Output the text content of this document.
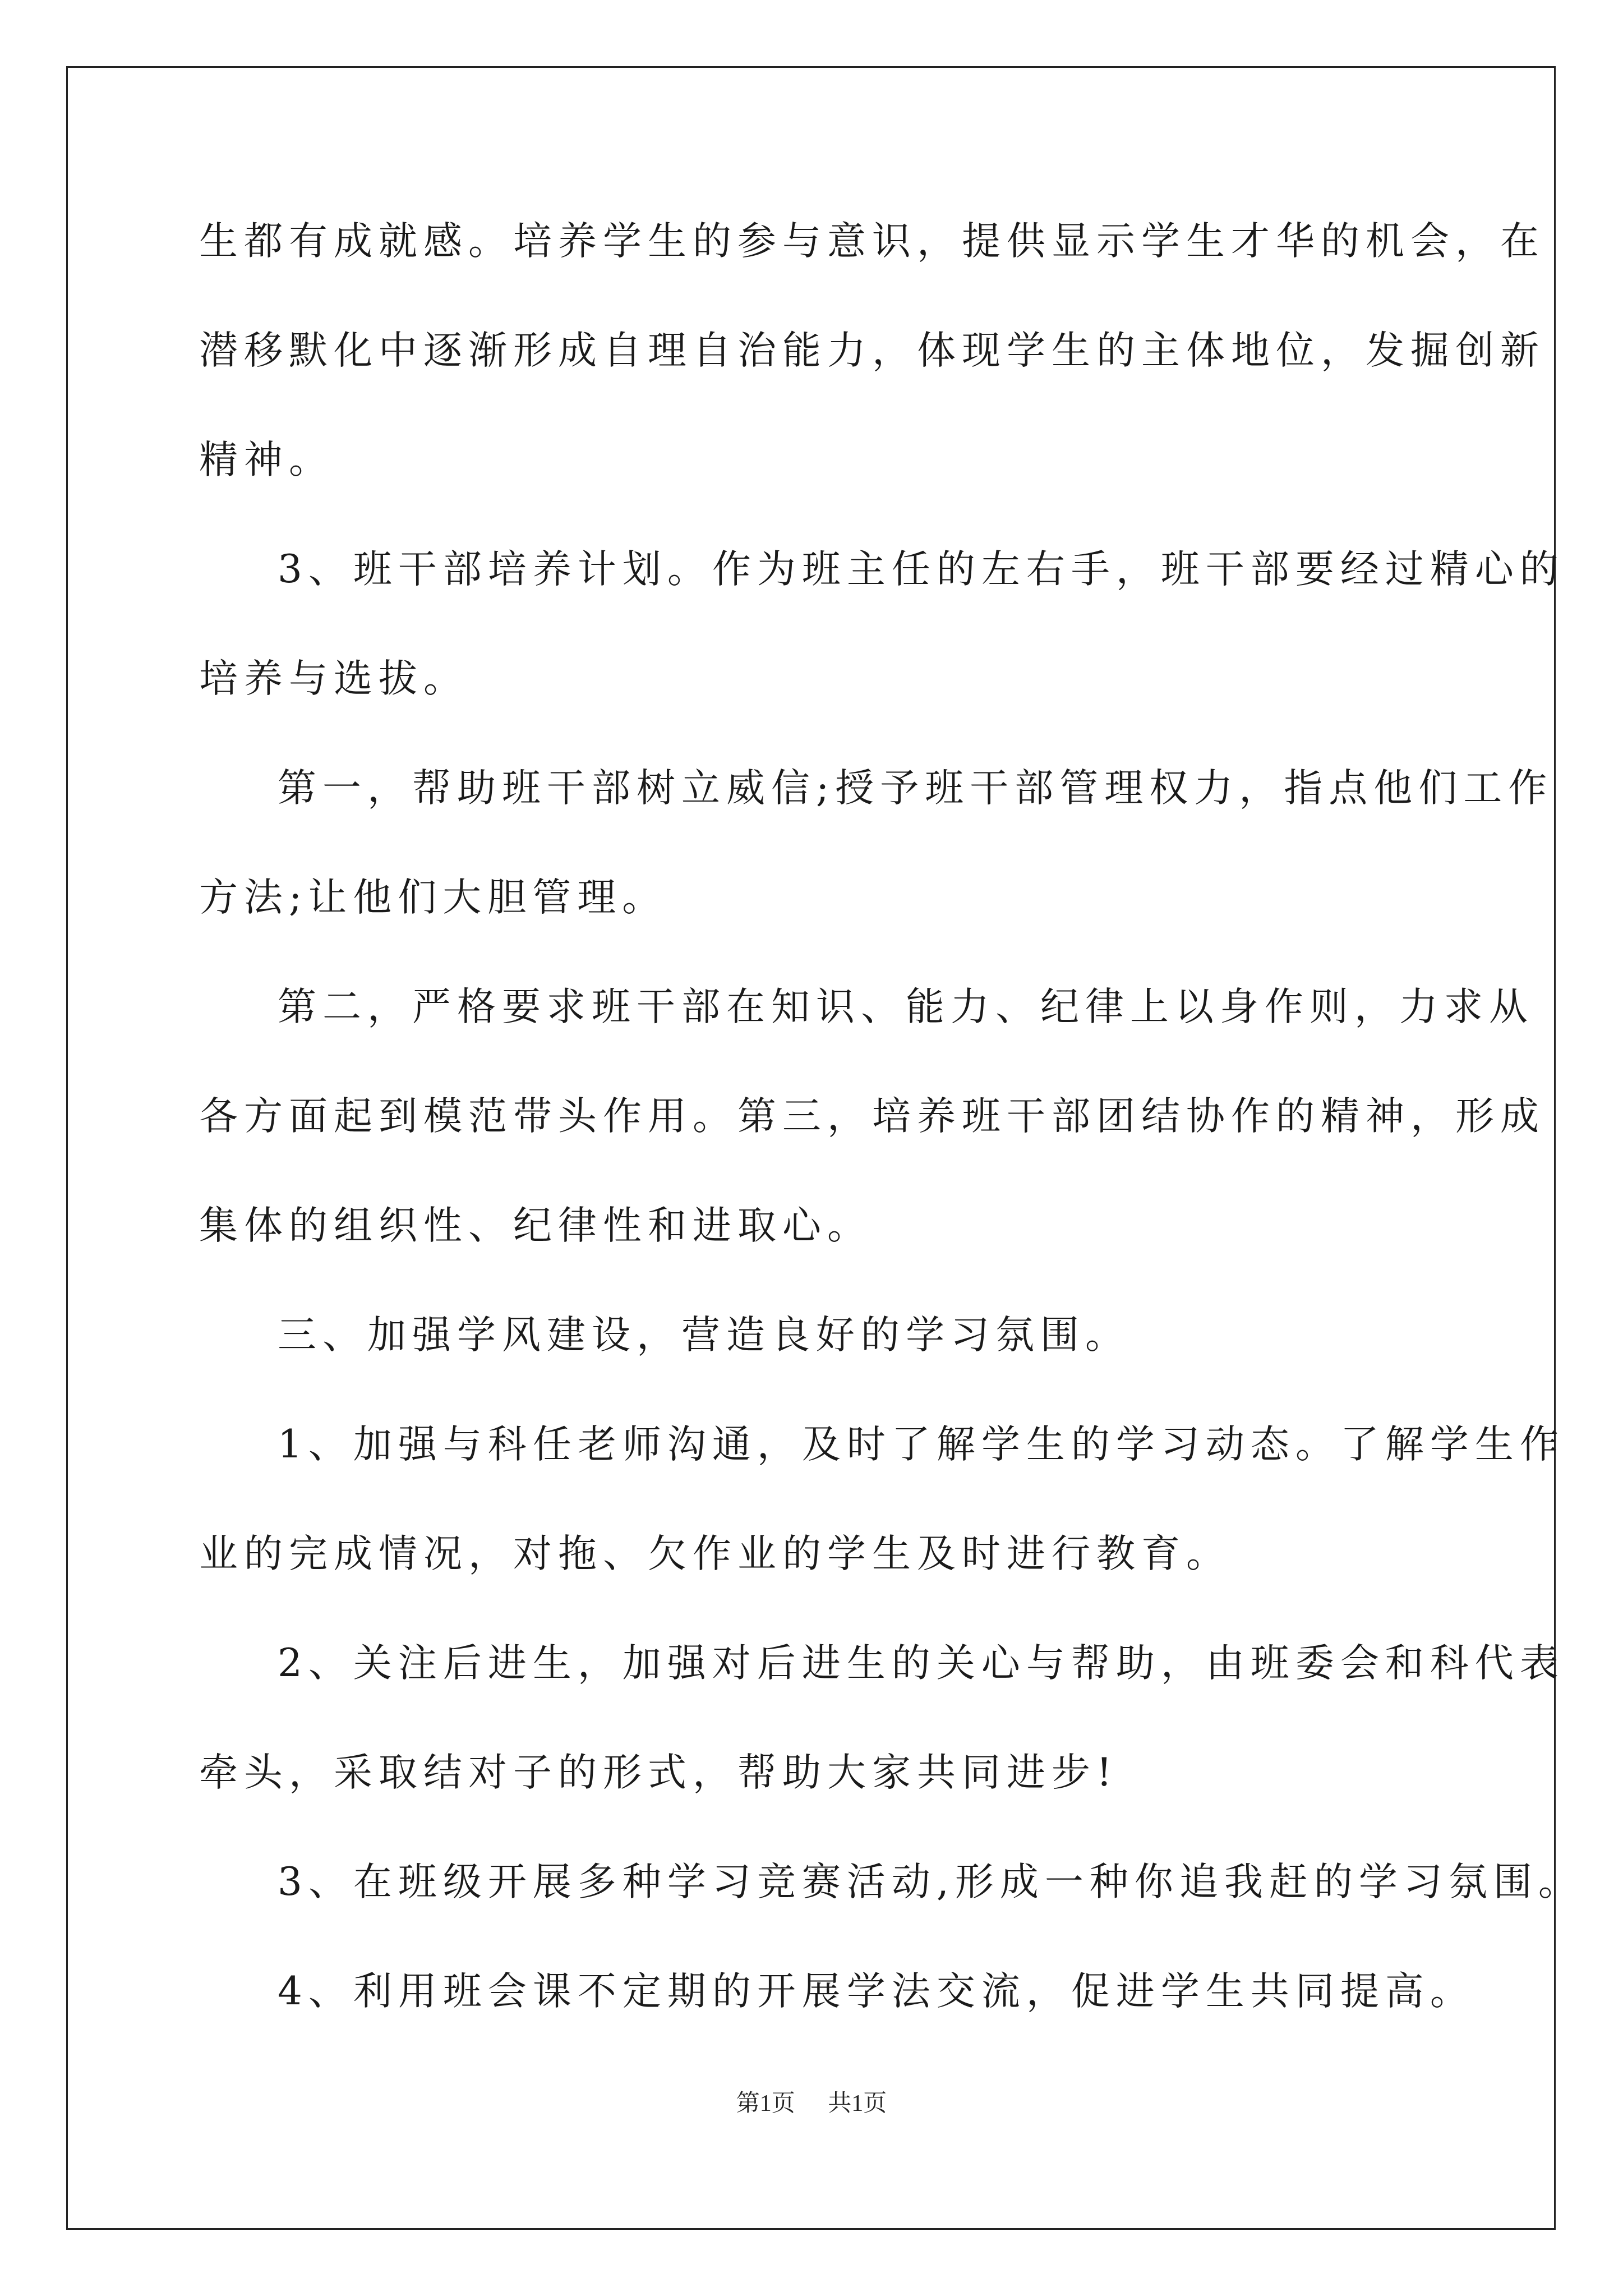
生都有成就感。培养学生的参与意识，提供显示学生才华的机会，在
潜移默化中逐渐形成自理自治能力，体现学生的主体地位，发掘创新
精神。
3、班干部培养计划。作为班主任的左右手，班干部要经过精心的
培养与选拔。
第一，帮助班干部树立威信;授予班干部管理权力，指点他们工作
方法;让他们大胆管理。
第二，严格要求班干部在知识、能力、纪律上以身作则，力求从
各方面起到模范带头作用。第三，培养班干部团结协作的精神，形成
集体的组织性、纪律性和进取心。
三、加强学风建设，营造良好的学习氛围。
1、加强与科任老师沟通，及时了解学生的学习动态。了解学生作
业的完成情况，对拖、欠作业的学生及时进行教育。
2、关注后进生，加强对后进生的关心与帮助，由班委会和科代表
牵头，采取结对子的形式，帮助大家共同进步!
3、在班级开展多种学习竞赛活动,形成一种你追我赶的学习氛围。
4、利用班会课不定期的开展学法交流，促进学生共同提高。
第1页 共1页
